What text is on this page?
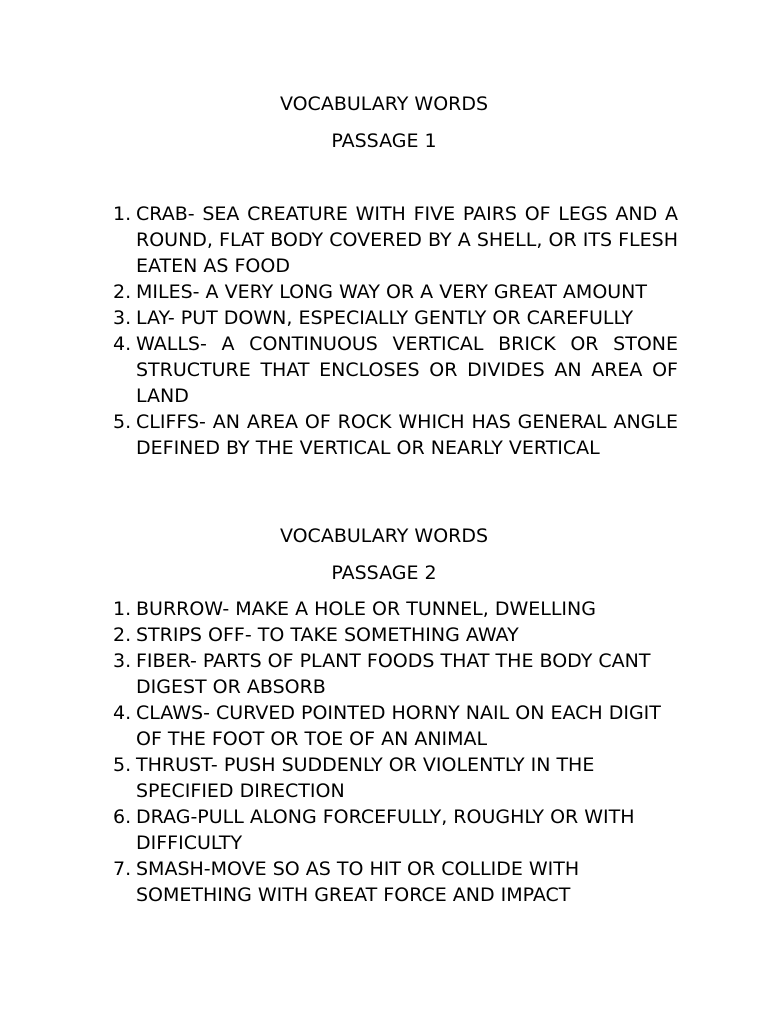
VOCABULARY WORDS
PASSAGE 1
1. CRAB- SEA CREATURE WITH FIVE PAIRS OF LEGS AND A ROUND, FLAT BODY COVERED BY A SHELL, OR ITS FLESH EATEN AS FOOD
2. MILES- A VERY LONG WAY OR A VERY GREAT AMOUNT
3. LAY- PUT DOWN, ESPECIALLY GENTLY OR CAREFULLY
4. WALLS- A CONTINUOUS VERTICAL BRICK OR STONE STRUCTURE THAT ENCLOSES OR DIVIDES AN AREA OF LAND
5. CLIFFS- AN AREA OF ROCK WHICH HAS GENERAL ANGLE DEFINED BY THE VERTICAL OR NEARLY VERTICAL
VOCABULARY WORDS
PASSAGE 2
1. BURROW- MAKE A HOLE OR TUNNEL, DWELLING
2. STRIPS OFF- TO TAKE SOMETHING AWAY
3. FIBER- PARTS OF PLANT FOODS THAT THE BODY CANT DIGEST OR ABSORB
4. CLAWS- CURVED POINTED HORNY NAIL ON EACH DIGIT OF THE FOOT OR TOE OF AN ANIMAL
5. THRUST- PUSH SUDDENLY OR VIOLENTLY IN THE SPECIFIED DIRECTION
6. DRAG-PULL ALONG FORCEFULLY, ROUGHLY OR WITH DIFFICULTY
7. SMASH-MOVE SO AS TO HIT OR COLLIDE WITH SOMETHING WITH GREAT FORCE AND IMPACT
